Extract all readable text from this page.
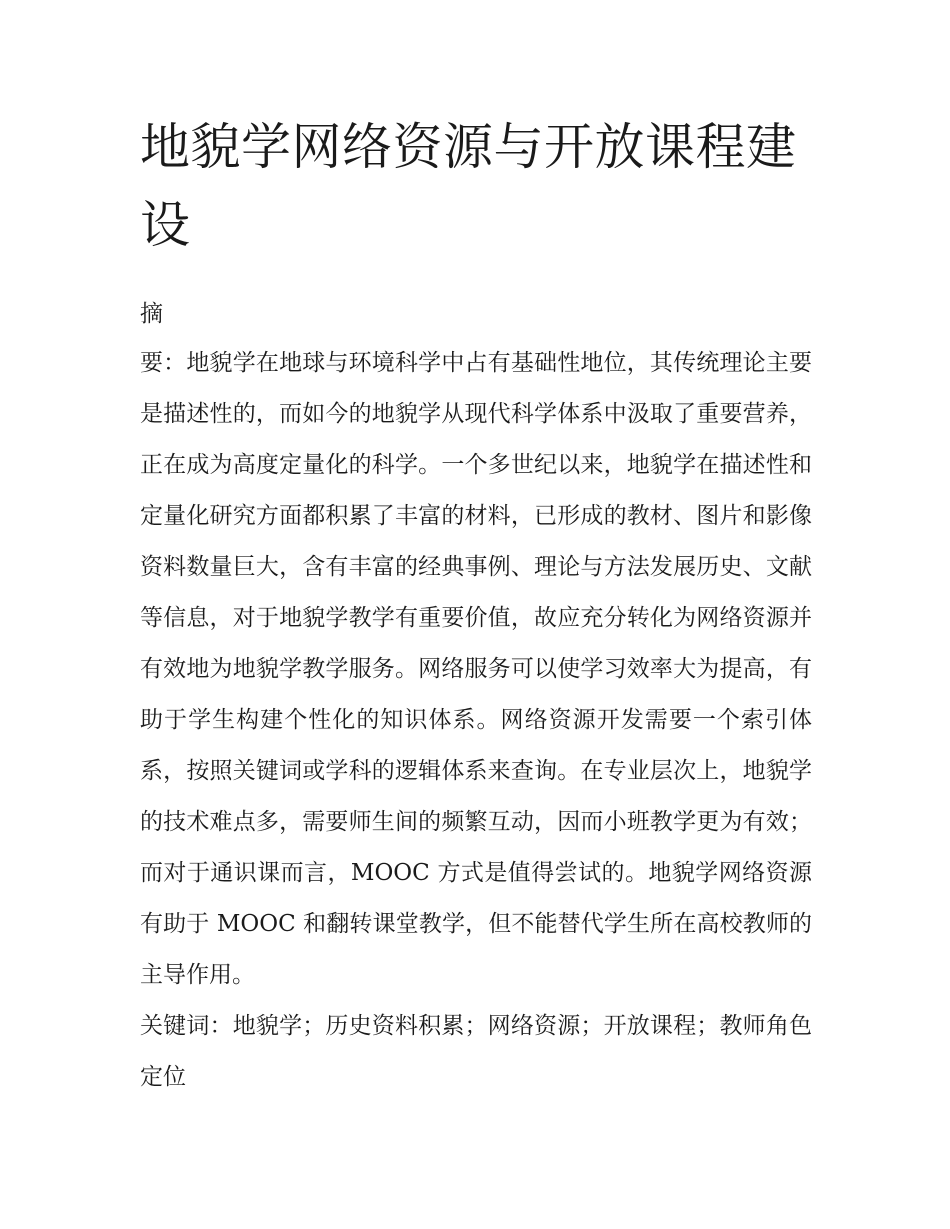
地貌学网络资源与开放课程建设
摘

要：地貌学在地球与环境科学中占有基础性地位，其传统理论主要是描述性的，而如今的地貌学从现代科学体系中汲取了重要营养，正在成为高度定量化的科学。一个多世纪以来，地貌学在描述性和定量化研究方面都积累了丰富的材料，已形成的教材、图片和影像资料数量巨大，含有丰富的经典事例、理论与方法发展历史、文献等信息，对于地貌学教学有重要价值，故应充分转化为网络资源并有效地为地貌学教学服务。网络服务可以使学习效率大为提高，有助于学生构建个性化的知识体系。网络资源开发需要一个索引体系，按照关键词或学科的逻辑体系来查询。在专业层次上，地貌学的技术难点多，需要师生间的频繁互动，因而小班教学更为有效；而对于通识课而言，MOOC 方式是值得尝试的。地貌学网络资源有助于 MOOC 和翻转课堂教学，但不能替代学生所在高校教师的主导作用。

关键词：地貌学；历史资料积累；网络资源；开放课程；教师角色定位
